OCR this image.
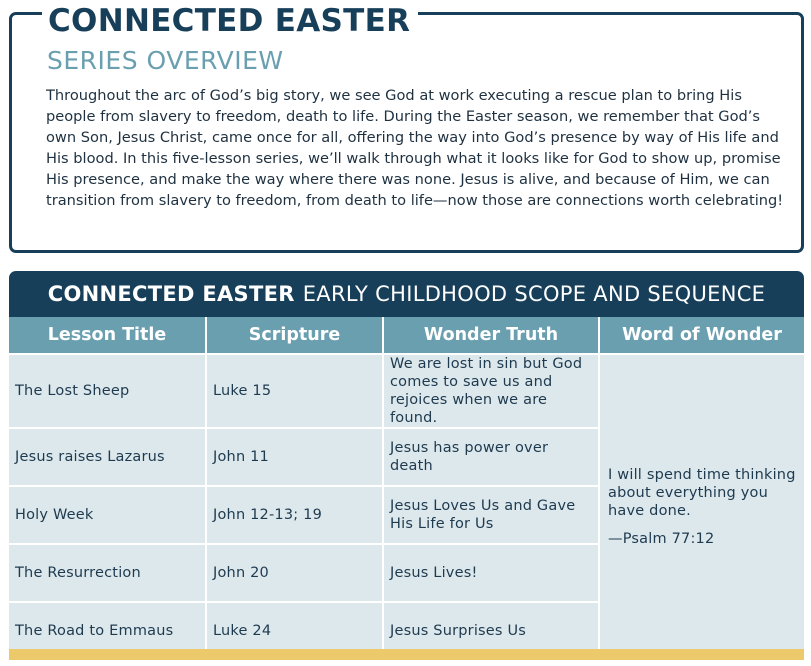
CONNECTED EASTER
SERIES OVERVIEW

Throughout the arc of God’s big story, we see God at work executing a rescue plan to bring His people from slavery to freedom, death to life. During the Easter season, we remember that God’s own Son, Jesus Christ, came once for all, offering the way into God’s presence by way of His life and His blood. In this five-lesson series, we’ll walk through what it looks like for God to show up, promise His presence, and make the way where there was none. Jesus is alive, and because of Him, we can transition from slavery to freedom, from death to life—now those are connections worth celebrating!

CONNECTED EASTER EARLY CHILDHOOD SCOPE AND SEQUENCE
Lesson Title	Scripture	Wonder Truth	Word of Wonder
The Lost Sheep	Luke 15	We are lost in sin but God comes to save us and rejoices when we are found.	I will spend time thinking about everything you have done.
—Psalm 77:12

Jesus raises Lazarus	John 11	Jesus has power over death	
Holy Week	John 12-13; 19	Jesus Loves Us and Gave His Life for Us	
The Resurrection	John 20	Jesus Lives!	
The Road to Emmaus	Luke 24	Jesus Surprises Us	
